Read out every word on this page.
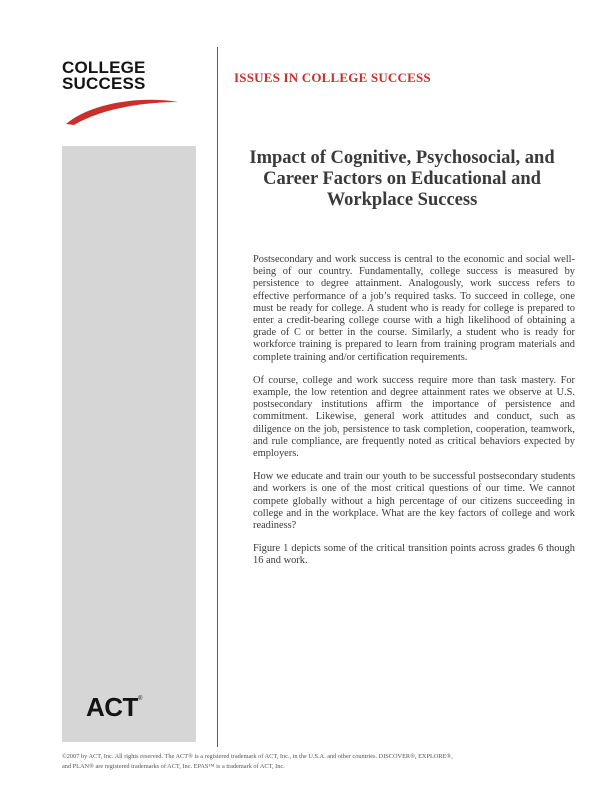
COLLEGE
SUCCESS	ISSUES IN COLLEGE SUCCESS
Impact of Cognitive, Psychosocial, and Career Factors on Educational and Workplace Success

Postsecondary and work success is central to the economic and social well-being of our country. Fundamentally, college success is measured by persistence to degree attainment. Analogously, work success refers to effective performance of a job’s required tasks. To succeed in college, one must be ready for college. A student who is ready for college is prepared to enter a credit-bearing college course with a high likelihood of obtaining a grade of C or better in the course. Similarly, a student who is ready for workforce training is prepared to learn from training program materials and complete training and/or certification requirements.

Of course, college and work success require more than task mastery. For example, the low retention and degree attainment rates we observe at U.S. postsecondary institutions affirm the importance of persistence and commitment. Likewise, general work attitudes and conduct, such as diligence on the job, persistence to task completion, cooperation, teamwork, and rule compliance, are frequently noted as critical behaviors expected by employers.

How we educate and train our youth to be successful postsecondary students and workers is one of the most critical questions of our time. We cannot compete globally without a high percentage of our citizens succeeding in college and in the workplace. What are the key factors of college and work readiness?

Figure 1 depicts some of the critical transition points across grades 6 though 16 and work.

ACT®
©2007 by ACT, Inc. All rights reserved. The ACT® is a registered trademark of ACT, Inc., in the U.S.A. and other countries. DISCOVER®, EXPLORE®,
and PLAN® are registered trademarks of ACT, Inc. EPAS™ is a trademark of ACT, Inc.
